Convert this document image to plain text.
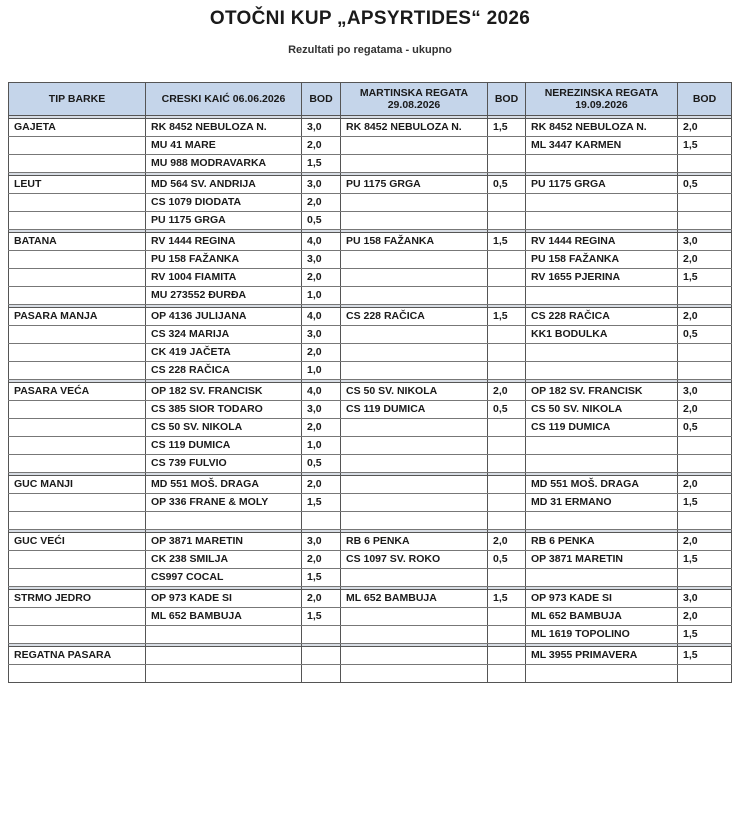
OTOČNI KUP „APSYRTIDES“ 2026
Rezultati po regatama - ukupno
TIP BARKE	CRESKI KAIĆ 06.06.2026	BOD	MARTINSKA REGATA 29.08.2026	BOD	NEREZINSKA REGATA 19.09.2026	BOD

GAJETA	RK 8452 NEBULOZA N.	3,0	RK 8452 NEBULOZA N.	1,5	RK 8452 NEBULOZA N.	2,0
	MU 41 MARE	2,0			ML 3447 KARMEN	1,5
	MU 988 MODRAVARKA	1,5				

LEUT	MD 564 SV. ANDRIJA	3,0	PU 1175 GRGA	0,5	PU 1175 GRGA	0,5
	CS 1079 DIODATA	2,0				
	PU 1175 GRGA	0,5				

BATANA	RV 1444 REGINA	4,0	PU 158 FAŽANKA	1,5	RV 1444 REGINA	3,0
	PU 158 FAŽANKA	3,0			PU 158 FAŽANKA	2,0
	RV 1004 FIAMITA	2,0			RV 1655 PJERINA	1,5
	MU 273552 ĐURĐA	1,0				

PASARA MANJA	OP 4136 JULIJANA	4,0	CS 228 RAČICA	1,5	CS 228 RAČICA	2,0
	CS 324 MARIJA	3,0			KK1 BODULKA	0,5
	CK 419 JAČETA	2,0				
	CS 228 RAČICA	1,0				

PASARA VEĆA	OP 182 SV. FRANCISK	4,0	CS 50 SV. NIKOLA	2,0	OP 182 SV. FRANCISK	3,0
	CS 385 SIOR TODARO	3,0	CS 119 DUMICA	0,5	CS 50 SV. NIKOLA	2,0
	CS 50 SV. NIKOLA	2,0			CS 119 DUMICA	0,5
	CS 119 DUMICA	1,0				
	CS 739 FULVIO	0,5				

GUC MANJI	MD 551 MOŠ. DRAGA	2,0			MD 551 MOŠ. DRAGA	2,0
	OP 336 FRANE & MOLY	1,5			MD 31 ERMANO	1,5

GUC VEĆI	OP 3871 MARETIN	3,0	RB 6 PENKA	2,0	RB 6 PENKA	2,0
	CK 238 SMILJA	2,0	CS 1097 SV. ROKO	0,5	OP 3871 MARETIN	1,5
	CS997 COCAL	1,5				

STRMO JEDRO	OP 973 KADE SI	2,0	ML 652 BAMBUJA	1,5	OP 973 KADE SI	3,0
	ML 652 BAMBUJA	1,5			ML 652 BAMBUJA	2,0
					ML 1619 TOPOLINO	1,5

REGATNA PASARA					ML 3955 PRIMAVERA	1,5
